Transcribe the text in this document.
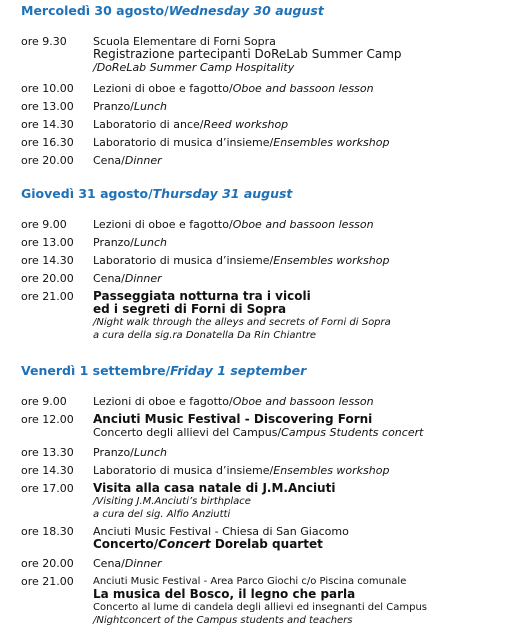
Mercoledì 30 agosto/Wednesday 30 august
ore 9.30	Scuola Elementare di Forni Sopra
Registrazione partecipanti DoReLab Summer Camp
/DoReLab Summer Camp Hospitality
ore 10.00	Lezioni di oboe e fagotto/Oboe and bassoon lesson
ore 13.00	Pranzo/Lunch
ore 14.30	Laboratorio di ance/Reed workshop
ore 16.30	Laboratorio di musica d’insieme/Ensembles workshop
ore 20.00	Cena/Dinner
Giovedì 31 agosto/Thursday 31 august
ore 9.00	Lezioni di oboe e fagotto/Oboe and bassoon lesson
ore 13.00	Pranzo/Lunch
ore 14.30	Laboratorio di musica d’insieme/Ensembles workshop
ore 20.00	Cena/Dinner
ore 21.00	Passeggiata notturna tra i vicoli
ed i segreti di Forni di Sopra
/Night walk through the alleys and secrets of Forni di Sopra
a cura della sig.ra Donatella Da Rin Chiantre
Venerdì 1 settembre/Friday 1 september
ore 9.00	Lezioni di oboe e fagotto/Oboe and bassoon lesson
ore 12.00	Anciuti Music Festival - Discovering Forni
Concerto degli allievi del Campus/Campus Students concert
ore 13.30	Pranzo/Lunch
ore 14.30	Laboratorio di musica d’insieme/Ensembles workshop
ore 17.00	Visita alla casa natale di J.M.Anciuti
/Visiting J.M.Anciuti’s birthplace
a cura del sig. Alfio Anziutti
ore 18.30	Anciuti Music Festival - Chiesa di San Giacomo
Concerto/Concert Dorelab quartet
ore 20.00	Cena/Dinner
ore 21.00	Anciuti Music Festival - Area Parco Giochi c/o Piscina comunale
La musica del Bosco, il legno che parla
Concerto al lume di candela degli allievi ed insegnanti del Campus
/Nightconcert of the Campus students and teachers
